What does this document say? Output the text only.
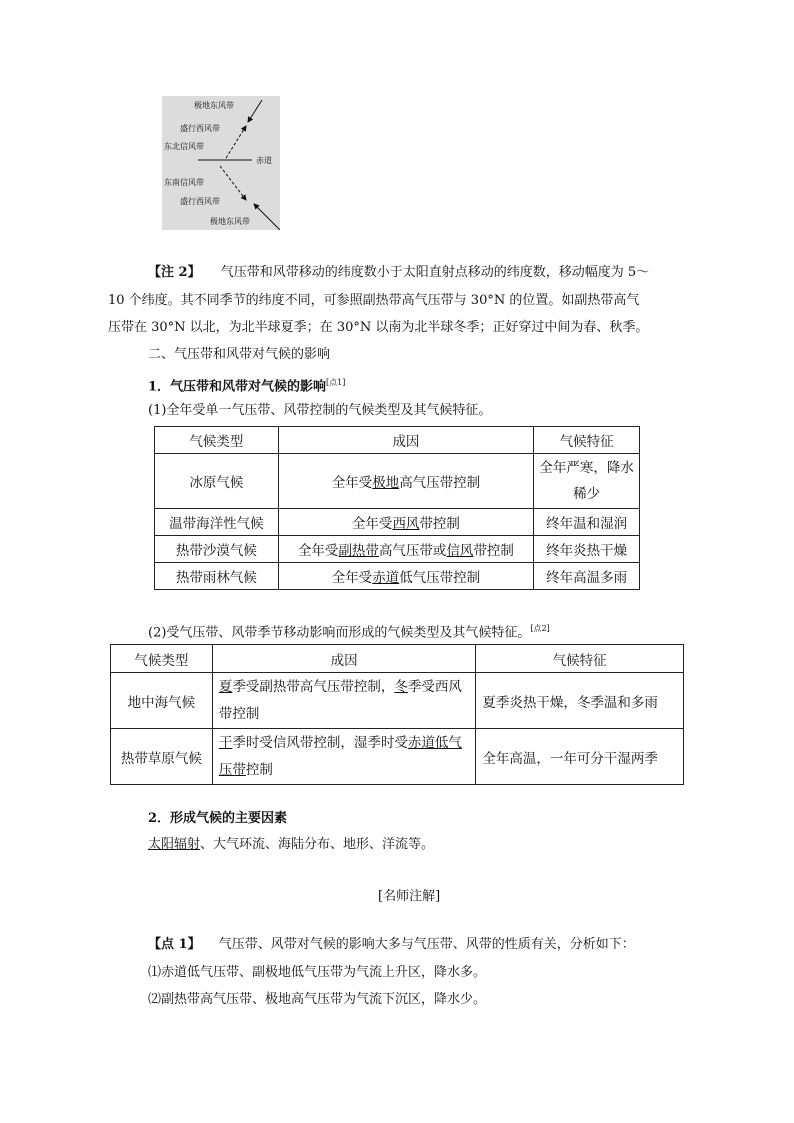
极地东风带
盛行西风带
东北信风带
赤道
东南信风带
盛行西风带
极地东风带
【注 2】 气压带和风带移动的纬度数小于太阳直射点移动的纬度数，移动幅度为 5～
10 个纬度。其不同季节的纬度不同，可参照副热带高气压带与 30°N 的位置。如副热带高气
压带在 30°N 以北，为北半球夏季；在 30°N 以南为北半球冬季；正好穿过中间为春、秋季。
二、气压带和风带对气候的影响
1．气压带和风带对气候的影响[点1]
(1)全年受单一气压带、风带控制的气候类型及其气候特征。
气候类型	成因	气候特征
冰原气候	全年受极地高气压带控制	全年严寒，降水稀少
温带海洋性气候	全年受西风带控制	终年温和湿润
热带沙漠气候	全年受副热带高气压带或信风带控制	终年炎热干燥
热带雨林气候	全年受赤道低气压带控制	终年高温多雨
(2)受气压带、风带季节移动影响而形成的气候类型及其气候特征。[点2]
气候类型	成因	气候特征
地中海气候	夏季受副热带高气压带控制，冬季受西风带控制	夏季炎热干燥，冬季温和多雨
热带草原气候	干季时受信风带控制，湿季时受赤道低气压带控制	全年高温，一年可分干湿两季
2．形成气候的主要因素
太阳辐射、大气环流、海陆分布、地形、洋流等。
[名师注解]
【点 1】 气压带、风带对气候的影响大多与气压带、风带的性质有关，分析如下：
⑴赤道低气压带、副极地低气压带为气流上升区，降水多。
⑵副热带高气压带、极地高气压带为气流下沉区，降水少。
